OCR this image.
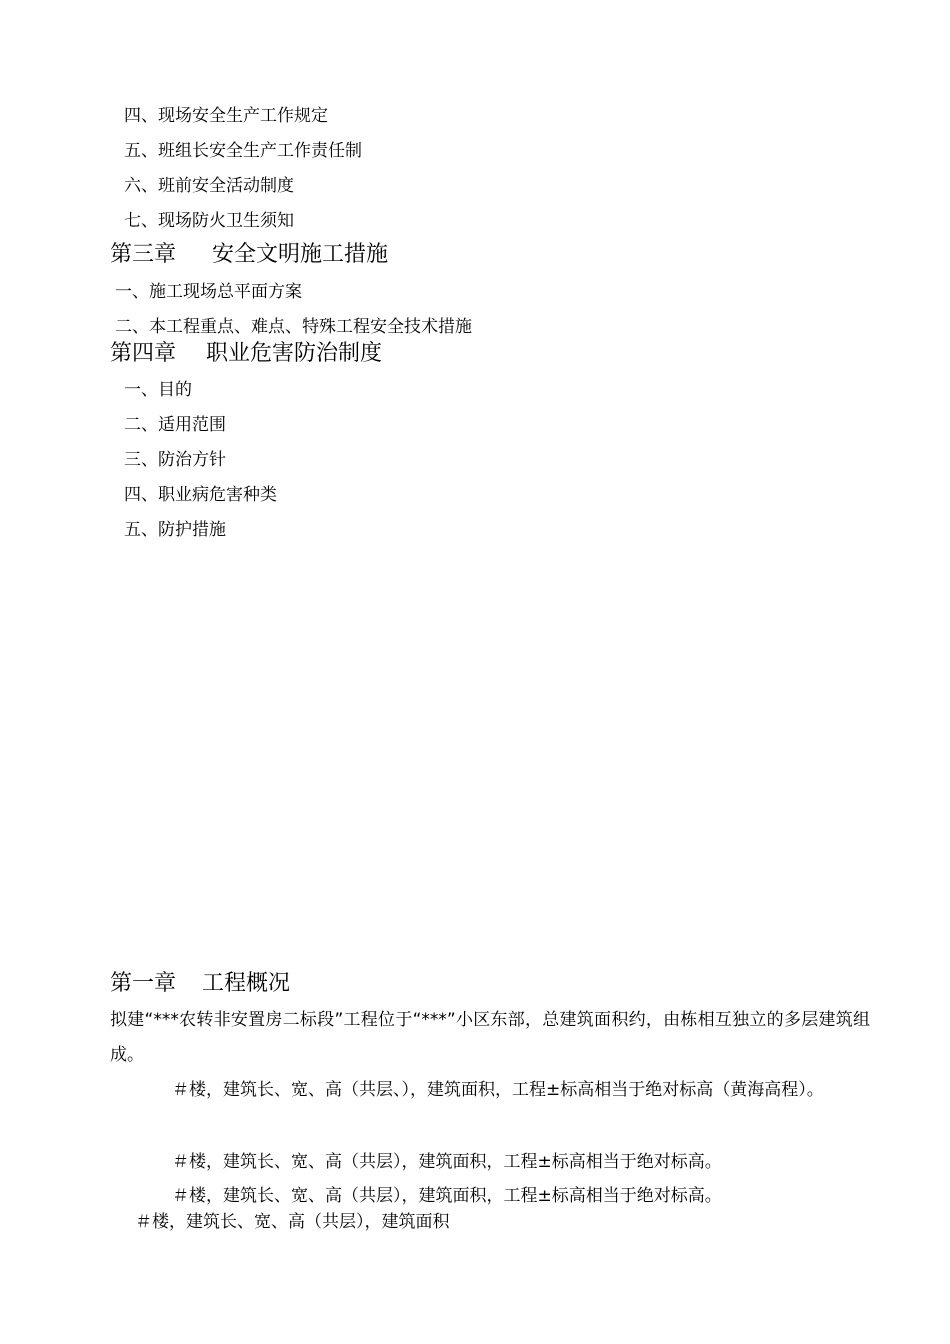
四、现场安全生产工作规定
五、班组长安全生产工作责任制
六、班前安全活动制度
七、现场防火卫生须知
第三章 安全文明施工措施
一、施工现场总平面方案
二、本工程重点、难点、特殊工程安全技术措施
第四章 职业危害防治制度
一、目的
二、适用范围
三、防治方针
四、职业病危害种类
五、防护措施
第一章 工程概况
拟建“***农转非安置房二标段”工程位于“***”小区东部，总建筑面积约，由栋相互独立的多层建筑组成。
＃楼，建筑长、宽、高（共层、），建筑面积，工程±标高相当于绝对标高（黄海高程）。
＃楼，建筑长、宽、高（共层），建筑面积，工程±标高相当于绝对标高。
＃楼，建筑长、宽、高（共层），建筑面积，工程±标高相当于绝对标高。
＃楼，建筑长、宽、高（共层），建筑面积
